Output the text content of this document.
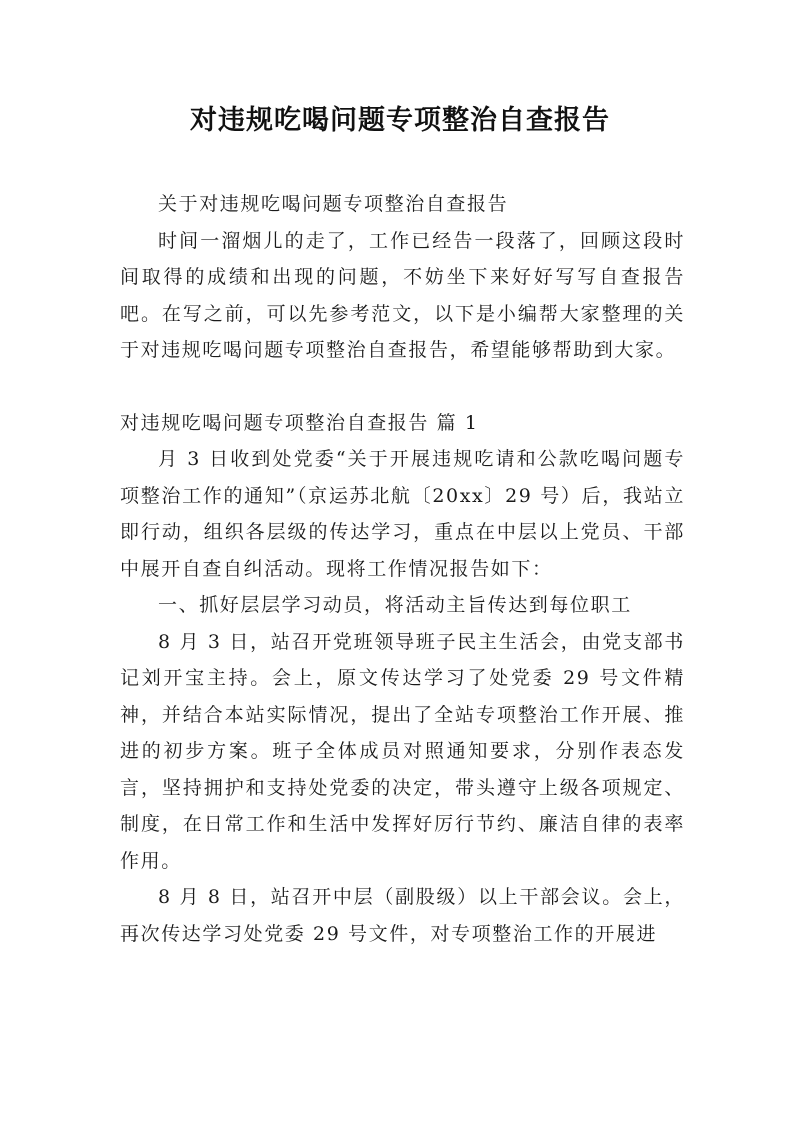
对违规吃喝问题专项整治自查报告

关于对违规吃喝问题专项整治自查报告

时间一溜烟儿的走了，工作已经告一段落了，回顾这段时间取得的成绩和出现的问题，不妨坐下来好好写写自查报告吧。在写之前，可以先参考范文，以下是小编帮大家整理的关于对违规吃喝问题专项整治自查报告，希望能够帮助到大家。

对违规吃喝问题专项整治自查报告 篇 1

月 3 日收到处党委“关于开展违规吃请和公款吃喝问题专项整治工作的通知”（京运苏北航〔20xx〕29 号）后，我站立即行动，组织各层级的传达学习，重点在中层以上党员、干部中展开自查自纠活动。现将工作情况报告如下：

一、抓好层层学习动员，将活动主旨传达到每位职工

8 月 3 日，站召开党班领导班子民主生活会，由党支部书记刘开宝主持。会上，原文传达学习了处党委 29 号文件精神，并结合本站实际情况，提出了全站专项整治工作开展、推进的初步方案。班子全体成员对照通知要求，分别作表态发言，坚持拥护和支持处党委的决定，带头遵守上级各项规定、制度，在日常工作和生活中发挥好厉行节约、廉洁自律的表率作用。

8 月 8 日，站召开中层（副股级）以上干部会议。会上，再次传达学习处党委 29 号文件，对专项整治工作的开展进
